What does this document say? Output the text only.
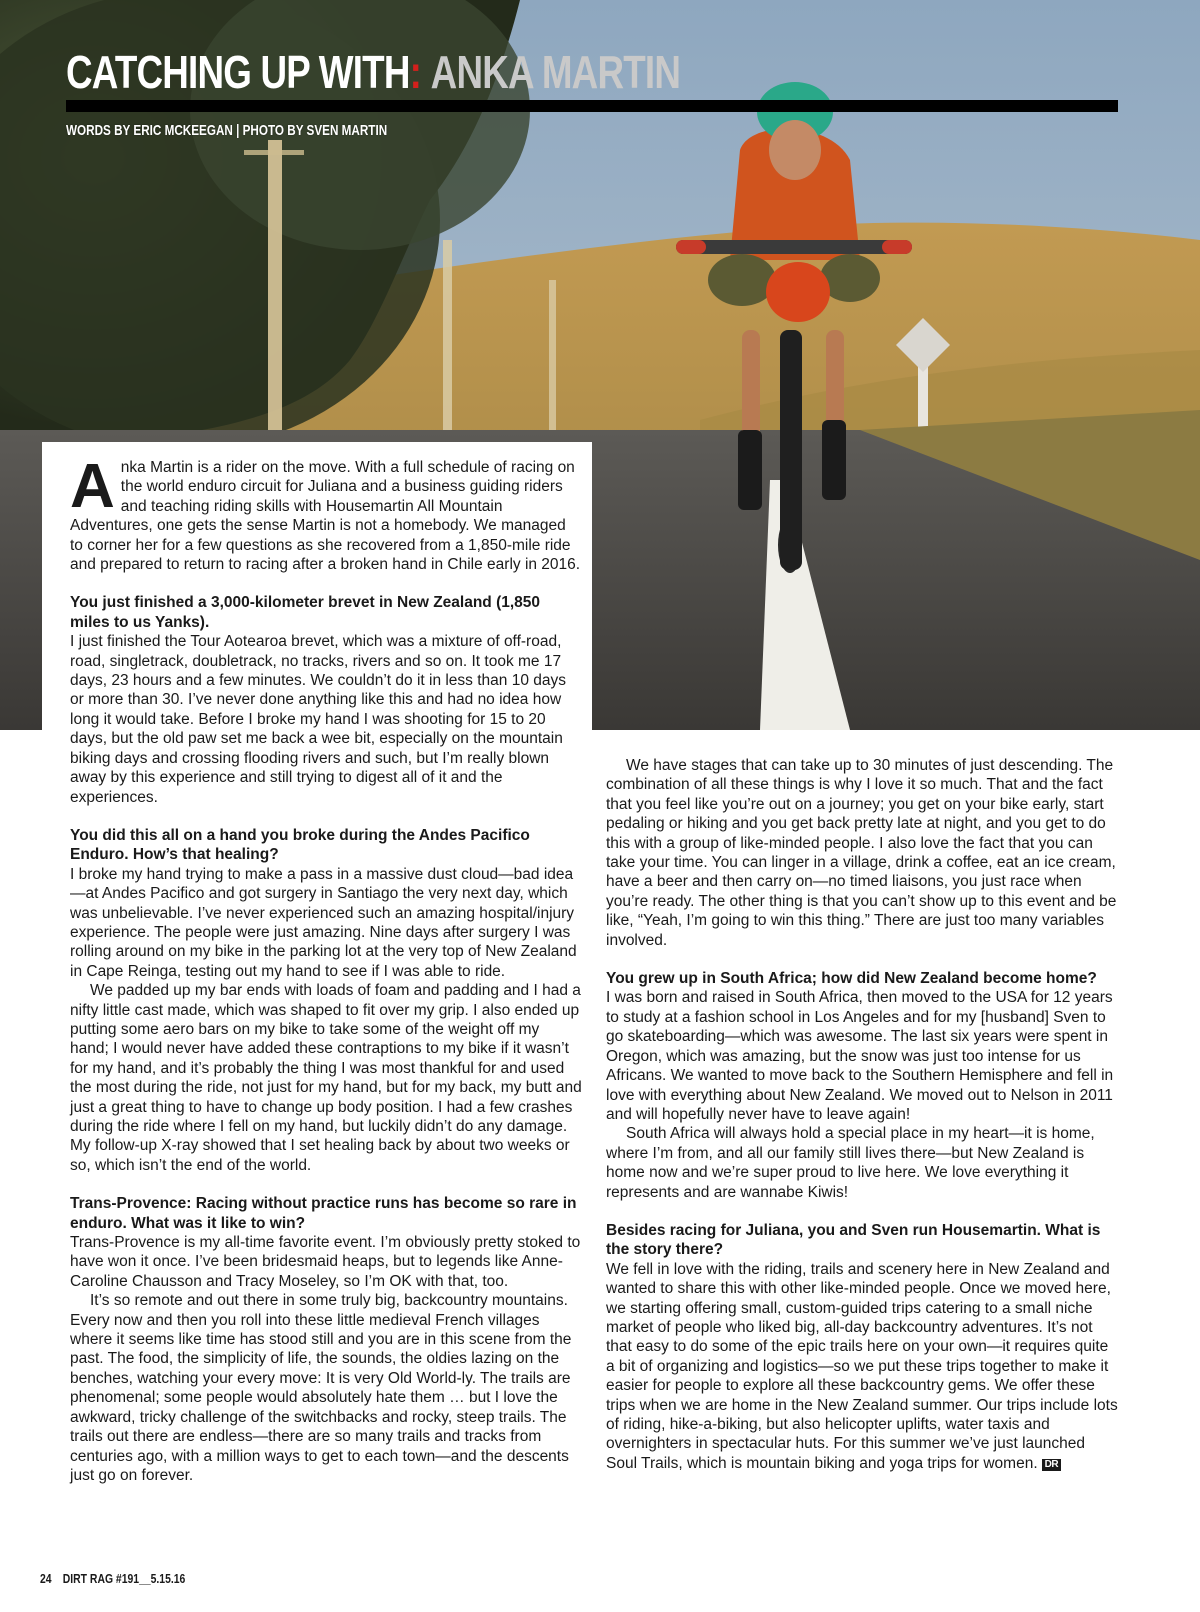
CATCHING UP WITH: ANKA MARTIN
WORDS BY ERIC MCKEEGAN | PHOTO BY SVEN MARTIN

Anka Martin is a rider on the move. With a full schedule of racing on the world enduro circuit for Juliana and a business guiding riders and teaching riding skills with Housemartin All Mountain Adventures, one gets the sense Martin is not a homebody. We managed to corner her for a few questions as she recovered from a 1,850-mile ride and prepared to return to racing after a broken hand in Chile early in 2016.

You just finished a 3,000-kilometer brevet in New Zealand (1,850 miles to us Yanks).

I just finished the Tour Aotearoa brevet, which was a mixture of off-road, road, singletrack, doubletrack, no tracks, rivers and so on. It took me 17 days, 23 hours and a few minutes. We couldn’t do it in less than 10 days or more than 30. I’ve never done anything like this and had no idea how long it would take. Before I broke my hand I was shooting for 15 to 20 days, but the old paw set me back a wee bit, especially on the mountain biking days and crossing flooding rivers and such, but I’m really blown away by this experience and still trying to digest all of it and the experiences.

You did this all on a hand you broke during the Andes Pacifico Enduro. How’s that healing?

I broke my hand trying to make a pass in a massive dust cloud—bad idea—at Andes Pacifico and got surgery in Santiago the very next day, which was unbelievable. I’ve never experienced such an amazing hospital/injury experience. The people were just amazing. Nine days after surgery I was rolling around on my bike in the parking lot at the very top of New Zealand in Cape Reinga, testing out my hand to see if I was able to ride.

We padded up my bar ends with loads of foam and padding and I had a nifty little cast made, which was shaped to fit over my grip. I also ended up putting some aero bars on my bike to take some of the weight off my hand; I would never have added these contraptions to my bike if it wasn’t for my hand, and it’s probably the thing I was most thankful for and used the most during the ride, not just for my hand, but for my back, my butt and just a great thing to have to change up body position. I had a few crashes during the ride where I fell on my hand, but luckily didn’t do any damage. My follow-up X-ray showed that I set healing back by about two weeks or so, which isn’t the end of the world.

Trans-Provence: Racing without practice runs has become so rare in enduro. What was it like to win?

Trans-Provence is my all-time favorite event. I’m obviously pretty stoked to have won it once. I’ve been bridesmaid heaps, but to legends like Anne-Caroline Chausson and Tracy Moseley, so I’m OK with that, too.

It’s so remote and out there in some truly big, backcountry mountains. Every now and then you roll into these little medieval French villages where it seems like time has stood still and you are in this scene from the past. The food, the simplicity of life, the sounds, the oldies lazing on the benches, watching your every move: It is very Old World-ly. The trails are phenomenal; some people would absolutely hate them … but I love the awkward, tricky challenge of the switchbacks and rocky, steep trails. The trails out there are endless—there are so many trails and tracks from centuries ago, with a million ways to get to each town—and the descents just go on forever.

We have stages that can take up to 30 minutes of just descending. The combination of all these things is why I love it so much. That and the fact that you feel like you’re out on a journey; you get on your bike early, start pedaling or hiking and you get back pretty late at night, and you get to do this with a group of like-minded people. I also love the fact that you can take your time. You can linger in a village, drink a coffee, eat an ice cream, have a beer and then carry on—no timed liaisons, you just race when you’re ready. The other thing is that you can’t show up to this event and be like, “Yeah, I’m going to win this thing.” There are just too many variables involved.

You grew up in South Africa; how did New Zealand become home?

I was born and raised in South Africa, then moved to the USA for 12 years to study at a fashion school in Los Angeles and for my [husband] Sven to go skateboarding—which was awesome. The last six years were spent in Oregon, which was amazing, but the snow was just too intense for us Africans. We wanted to move back to the Southern Hemisphere and fell in love with everything about New Zealand. We moved out to Nelson in 2011 and will hopefully never have to leave again!

South Africa will always hold a special place in my heart—it is home, where I’m from, and all our family still lives there—but New Zealand is home now and we’re super proud to live here. We love everything it represents and are wannabe Kiwis!

Besides racing for Juliana, you and Sven run Housemartin. What is the story there?

We fell in love with the riding, trails and scenery here in New Zealand and wanted to share this with other like-minded people. Once we moved here, we starting offering small, custom-guided trips catering to a small niche market of people who liked big, all-day backcountry adventures. It’s not that easy to do some of the epic trails here on your own—it requires quite a bit of organizing and logistics—so we put these trips together to make it easier for people to explore all these backcountry gems. We offer these trips when we are home in the New Zealand summer. Our trips include lots of riding, hike-a-biking, but also helicopter uplifts, water taxis and overnighters in spectacular huts. For this summer we’ve just launched Soul Trails, which is mountain biking and yoga trips for women. DR

24 DIRT RAG #191__5.15.16
